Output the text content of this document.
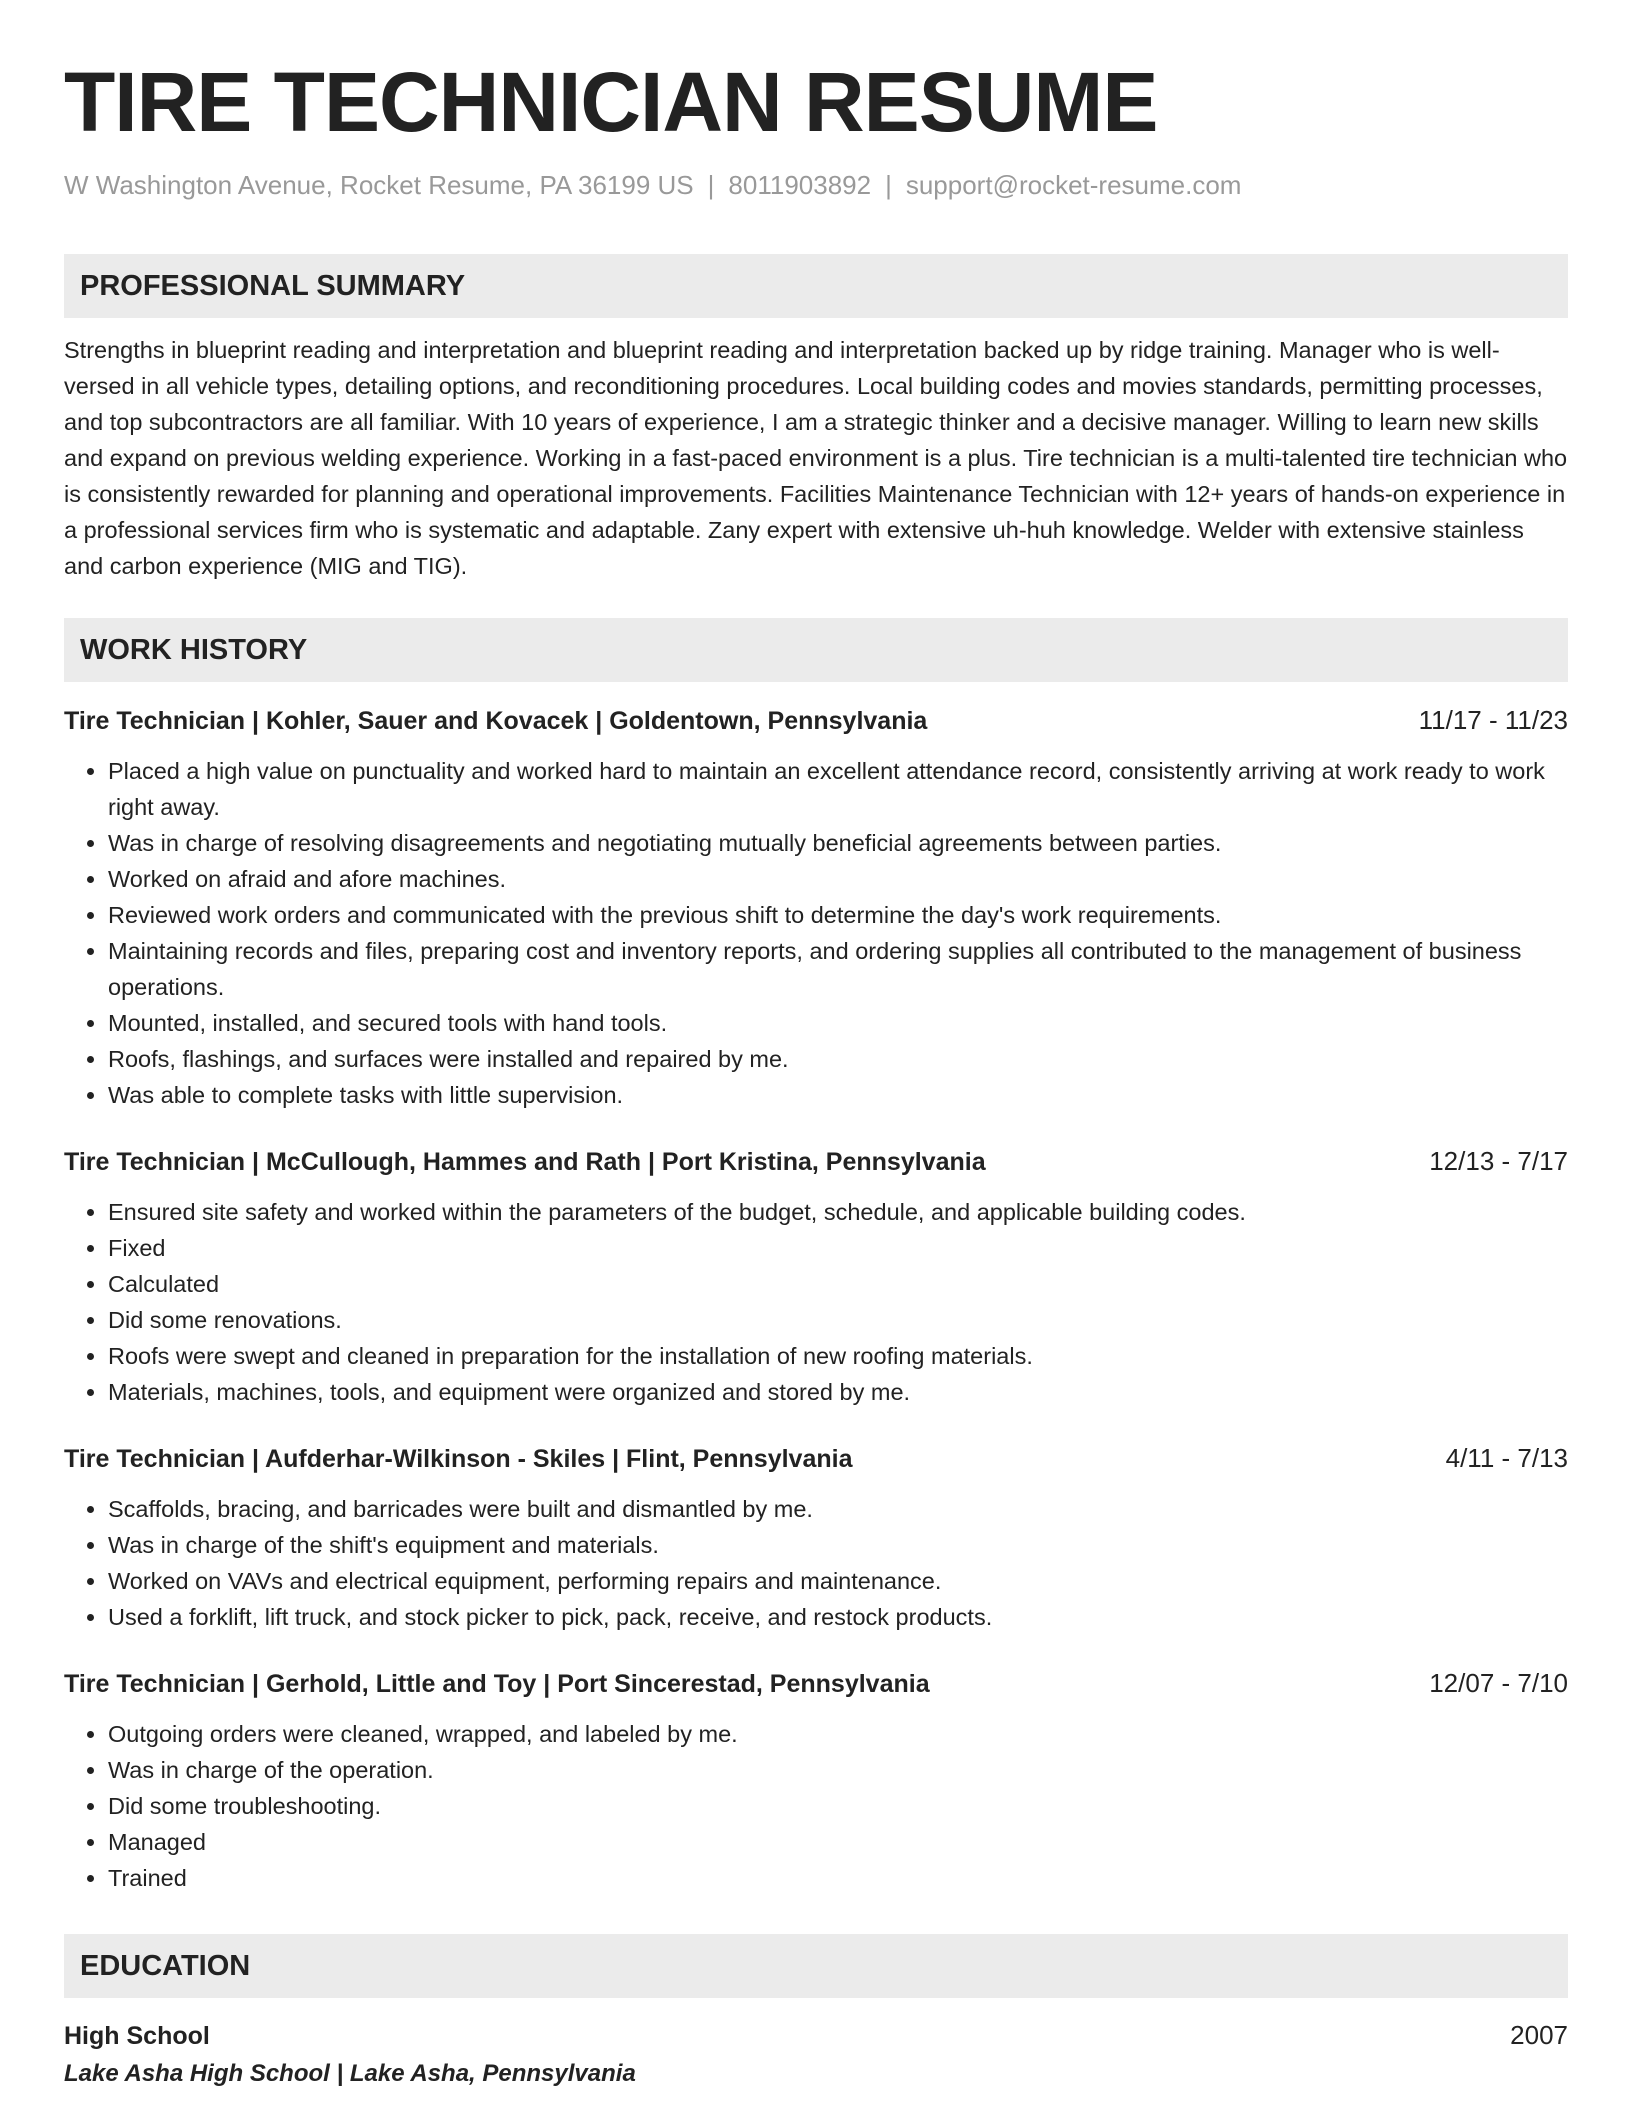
TIRE TECHNICIAN RESUME
W Washington Avenue, Rocket Resume, PA 36199 US | 8011903892 | support@rocket-resume.com
PROFESSIONAL SUMMARY
Strengths in blueprint reading and interpretation and blueprint reading and interpretation backed up by ridge training. Manager who is well-versed in all vehicle types, detailing options, and reconditioning procedures. Local building codes and movies standards, permitting processes, and top subcontractors are all familiar. With 10 years of experience, I am a strategic thinker and a decisive manager. Willing to learn new skills and expand on previous welding experience. Working in a fast-paced environment is a plus. Tire technician is a multi-talented tire technician who is consistently rewarded for planning and operational improvements. Facilities Maintenance Technician with 12+ years of hands-on experience in a professional services firm who is systematic and adaptable. Zany expert with extensive uh-huh knowledge. Welder with extensive stainless and carbon experience (MIG and TIG).
WORK HISTORY
Tire Technician | Kohler, Sauer and Kovacek | Goldentown, Pennsylvania	11/17 - 11/23
• Placed a high value on punctuality and worked hard to maintain an excellent attendance record, consistently arriving at work ready to work right away.
• Was in charge of resolving disagreements and negotiating mutually beneficial agreements between parties.
• Worked on afraid and afore machines.
• Reviewed work orders and communicated with the previous shift to determine the day's work requirements.
• Maintaining records and files, preparing cost and inventory reports, and ordering supplies all contributed to the management of business operations.
• Mounted, installed, and secured tools with hand tools.
• Roofs, flashings, and surfaces were installed and repaired by me.
• Was able to complete tasks with little supervision.
Tire Technician | McCullough, Hammes and Rath | Port Kristina, Pennsylvania	12/13 - 7/17
• Ensured site safety and worked within the parameters of the budget, schedule, and applicable building codes.
• Fixed
• Calculated
• Did some renovations.
• Roofs were swept and cleaned in preparation for the installation of new roofing materials.
• Materials, machines, tools, and equipment were organized and stored by me.
Tire Technician | Aufderhar-Wilkinson - Skiles | Flint, Pennsylvania	4/11 - 7/13
• Scaffolds, bracing, and barricades were built and dismantled by me.
• Was in charge of the shift's equipment and materials.
• Worked on VAVs and electrical equipment, performing repairs and maintenance.
• Used a forklift, lift truck, and stock picker to pick, pack, receive, and restock products.
Tire Technician | Gerhold, Little and Toy | Port Sincerestad, Pennsylvania	12/07 - 7/10
• Outgoing orders were cleaned, wrapped, and labeled by me.
• Was in charge of the operation.
• Did some troubleshooting.
• Managed
• Trained
EDUCATION
High School	2007
Lake Asha High School | Lake Asha, Pennsylvania
